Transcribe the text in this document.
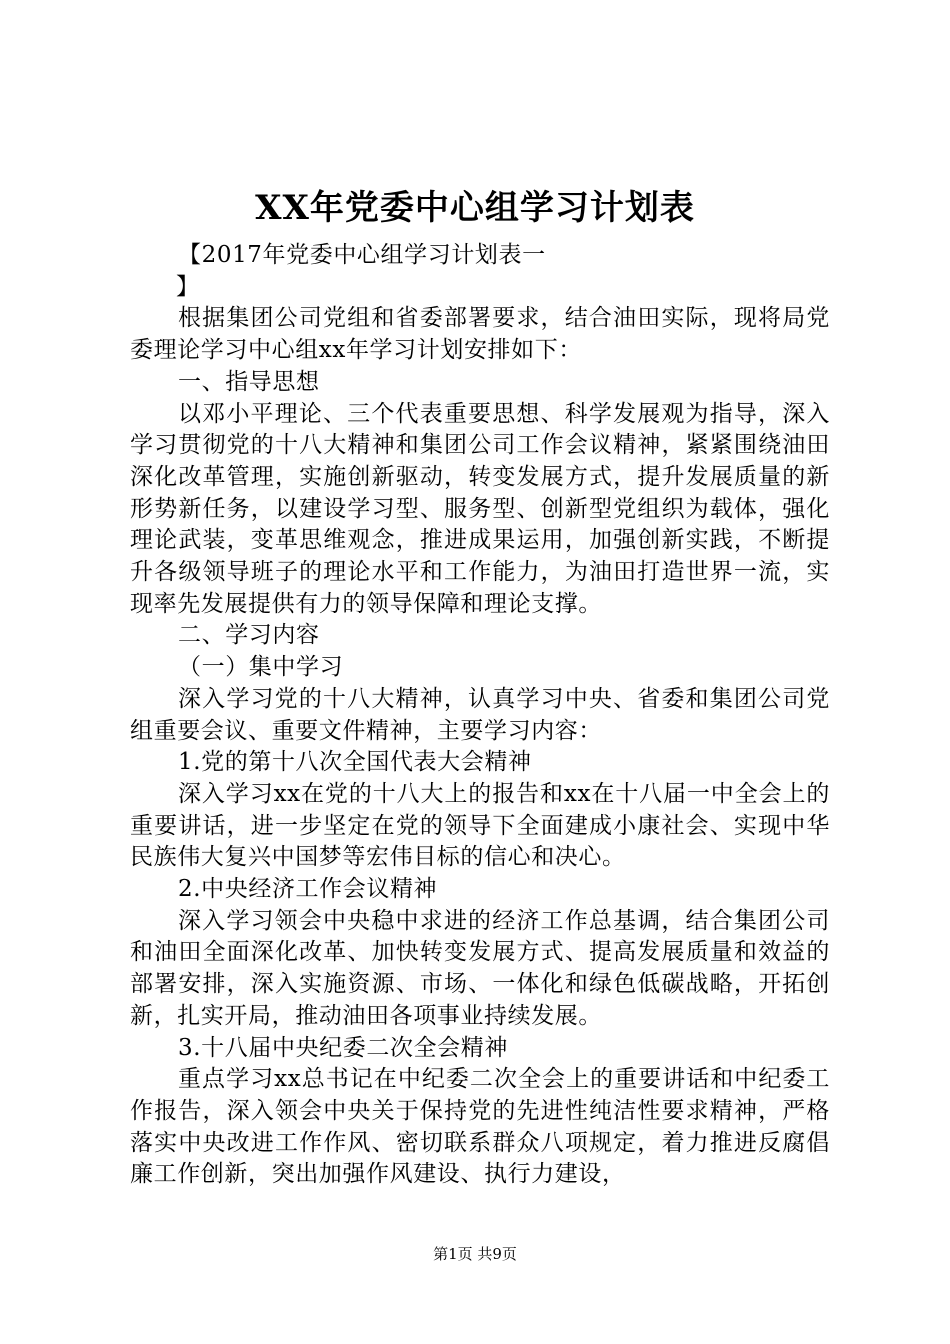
XX年党委中心组学习计划表

【2017年党委中心组学习计划表一

】

根据集团公司党组和省委部署要求，结合油田实际，现将局党委理论学习中心组xx年学习计划安排如下：

一、指导思想

以邓小平理论、三个代表重要思想、科学发展观为指导，深入学习贯彻党的十八大精神和集团公司工作会议精神，紧紧围绕油田深化改革管理，实施创新驱动，转变发展方式，提升发展质量的新形势新任务，以建设学习型、服务型、创新型党组织为载体，强化理论武装，变革思维观念，推进成果运用，加强创新实践，不断提升各级领导班子的理论水平和工作能力，为油田打造世界一流，实现率先发展提供有力的领导保障和理论支撑。

二、学习内容

（一）集中学习

深入学习党的十八大精神，认真学习中央、省委和集团公司党组重要会议、重要文件精神，主要学习内容：

1.党的第十八次全国代表大会精神

深入学习xx在党的十八大上的报告和xx在十八届一中全会上的重要讲话，进一步坚定在党的领导下全面建成小康社会、实现中华民族伟大复兴中国梦等宏伟目标的信心和决心。

2.中央经济工作会议精神

深入学习领会中央稳中求进的经济工作总基调，结合集团公司和油田全面深化改革、加快转变发展方式、提高发展质量和效益的部署安排，深入实施资源、市场、一体化和绿色低碳战略，开拓创新，扎实开局，推动油田各项事业持续发展。

3.十八届中央纪委二次全会精神

重点学习xx总书记在中纪委二次全会上的重要讲话和中纪委工作报告，深入领会中央关于保持党的先进性纯洁性要求精神，严格落实中央改进工作作风、密切联系群众八项规定，着力推进反腐倡廉工作创新，突出加强作风建设、执行力建设，

第1页 共9页
